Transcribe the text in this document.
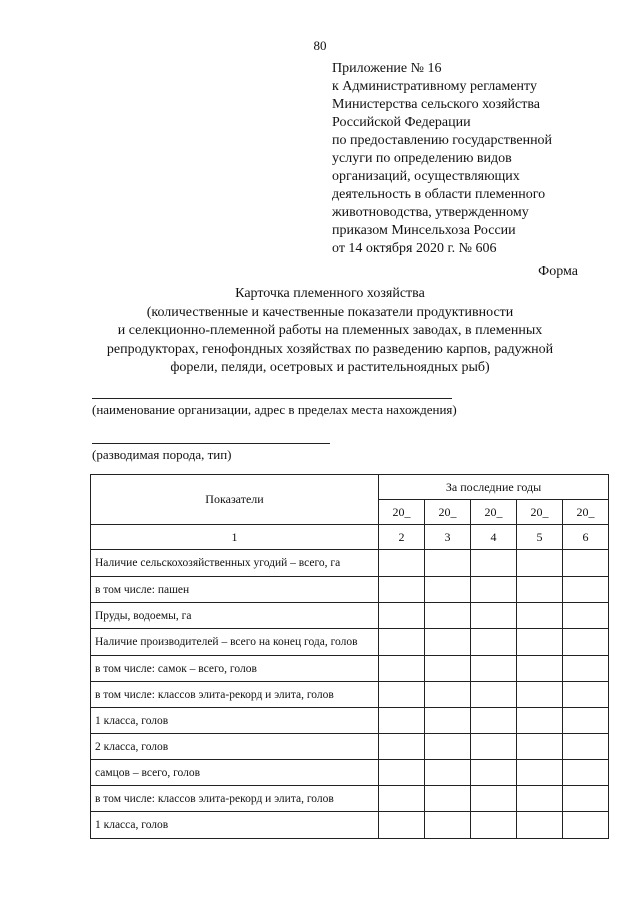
80
Приложение № 16
к Административному регламенту
Министерства сельского хозяйства
Российской Федерации
по предоставлению государственной
услуги по определению видов
организаций, осуществляющих
деятельность в области племенного
животноводства, утвержденному
приказом Минсельхоза России
от 14 октября 2020 г. № 606
Форма
Карточка племенного хозяйства
(количественные и качественные показатели продуктивности
и селекционно-племенной работы на племенных заводах, в племенных
репродукторах, генофондных хозяйствах по разведению карпов, радужной
форели, пеляди, осетровых и растительноядных рыб)
(наименование организации, адрес в пределах места нахождения)
(разводимая порода, тип)
Показатели	За последние годы				
	20_	20_	20_	20_	20_
1	2	3	4	5	6
Наличие сельскохозяйственных угодий – всего, га					
в том числе: пашен					
Пруды, водоемы, га					
Наличие производителей – всего на конец года, голов					
в том числе: самок – всего, голов					
в том числе: классов элита-рекорд и элита, голов					
1 класса, голов					
2 класса, голов					
самцов – всего, голов					
в том числе: классов элита-рекорд и элита, голов					
1 класса, голов					
